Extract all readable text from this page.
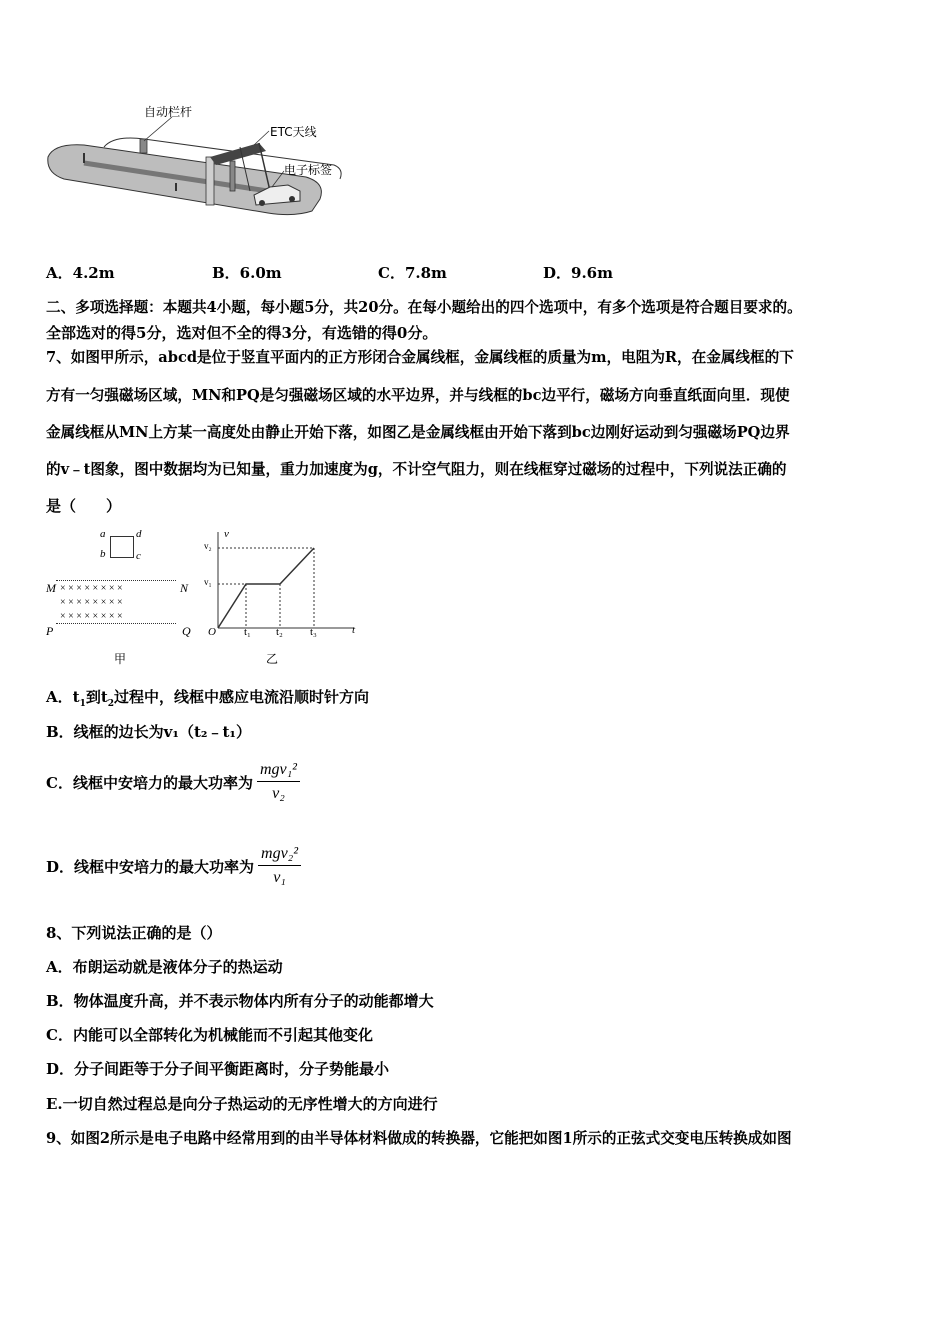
自动栏杆
ETC天线
电子标签
A．4.2m	B．6.0m	C．7.8m	D．9.6m
二、多项选择题：本题共4小题，每小题5分，共20分。在每小题给出的四个选项中，有多个选项是符合题目要求的。
全部选对的得5分，选对但不全的得3分，有选错的得0分。
7、如图甲所示，abcd是位于竖直平面内的正方形闭合金属线框，金属线框的质量为m，电阻为R，在金属线框的下
方有一匀强磁场区域，MN和PQ是匀强磁场区域的水平边界，并与线框的bc边平行，磁场方向垂直纸面向里．现使
金属线框从MN上方某一高度处由静止开始下落，如图乙是金属线框由开始下落到bc边刚好运动到匀强磁场PQ边界
的v﹣t图象，图中数据均为已知量，重力加速度为g，不计空气阻力，则在线框穿过磁场的过程中，下列说法正确的
是（　　）
a	d
b	c
M	N
P	Q
× × × × × × × ×
× × × × × × × ×
× × × × × × × ×
甲
v
t
O
v₂
v₁
t₁ t₂ t₃
乙
A．$t_1$到$t_2$过程中，线框中感应电流沿顺时针方向
B．线框的边长为v₁（t₂﹣t₁）
C．线框中安培力的最大功率为 $\frac{\text{mgv₁²}}{\text{v₂}}$
D．线框中安培力的最大功率为 $\frac{\text{mgv₂²}}{\text{v₁}}$
8、下列说法正确的是（）
A．布朗运动就是液体分子的热运动
B．物体温度升高，并不表示物体内所有分子的动能都增大
C．内能可以全部转化为机械能而不引起其他变化
D．分子间距等于分子间平衡距离时，分子势能最小
E.一切自然过程总是向分子热运动的无序性增大的方向进行
9、如图2所示是电子电路中经常用到的由半导体材料做成的转换器，它能把如图1所示的正弦式交变电压转换成如图
